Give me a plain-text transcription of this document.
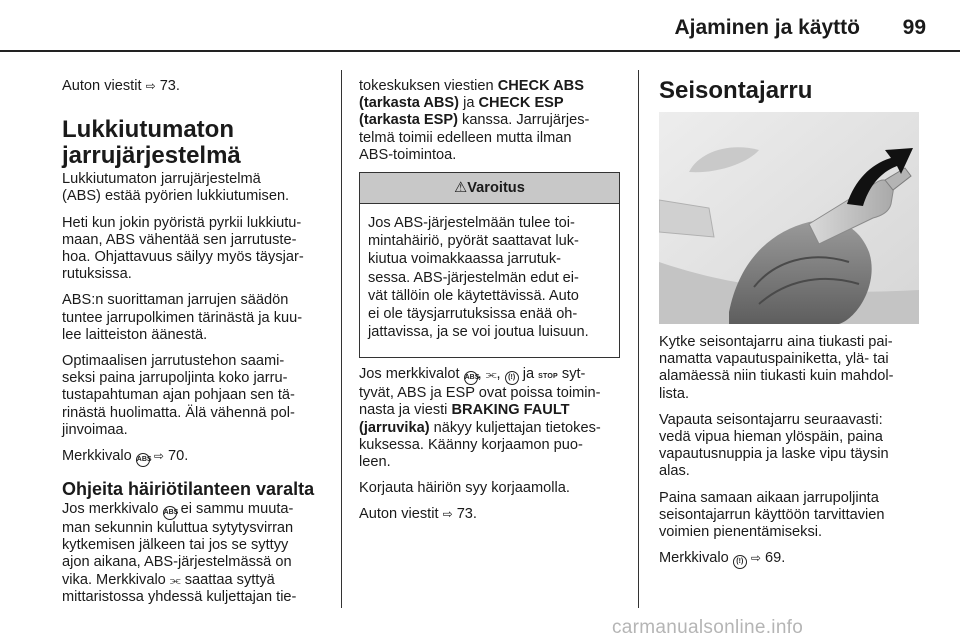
Ajaminen ja käyttö	99

Auton viestit ⇨ 73.

Lukkiutumaton
jarrujärjestelmä

Lukkiutumaton jarrujärjestelmä
(ABS) estää pyörien lukkiutumisen.

Heti kun jokin pyöristä pyrkii lukkiutu-
maan, ABS vähentää sen jarrutuste-
hoa. Ohjattavuus säilyy myös täysjar-
rutuksissa.

ABS:n suorittaman jarrujen säädön
tuntee jarrupolkimen tärinästä ja kuu-
lee laitteiston äänestä.

Optimaalisen jarrutustehon saami-
seksi paina jarrupoljinta koko jarru-
tustapahtuman ajan pohjaan sen tä-
rinästä huolimatta. Älä vähennä pol-
jinvoimaa.

Merkkivalo ABS ⇨ 70.

Ohjeita häiriötilanteen varalta

Jos merkkivalo ABS ei sammu muuta-
man sekunnin kuluttua sytytysvirran
kytkemisen jälkeen tai jos se syttyy
ajon aikana, ABS-järjestelmässä on
vika. Merkkivalo ⫘ saattaa syttyä
mittaristossa yhdessä kuljettajan tie-

tokeskuksen viestien CHECK ABS
(tarkasta ABS) ja CHECK ESP
(tarkasta ESP) kanssa. Jarrujärjes-
telmä toimii edelleen mutta ilman
ABS-toimintoa.

⚠Varoitus
Jos ABS-järjestelmään tulee toi-
mintahäiriö, pyörät saattavat luk-
kiutua voimakkaassa jarrutuk-
sessa. ABS-järjestelmän edut ei-
vät tällöin ole käytettävissä. Auto
ei ole täysjarrutuksissa enää oh-
jattavissa, ja se voi joutua luisuun.

Jos merkkivalot ABS, ⫘, (!) ja STOP syt-
tyvät, ABS ja ESP ovat poissa toimin-
nasta ja viesti BRAKING FAULT
(jarruvika) näkyy kuljettajan tietokes-
kuksessa. Käänny korjaamon puo-
leen.

Korjauta häiriön syy korjaamolla.

Auton viestit ⇨ 73.

Seisontajarru

Kytke seisontajarru aina tiukasti pai-
namatta vapautuspainiketta, ylä- tai
alamäessä niin tiukasti kuin mahdol-
lista.

Vapauta seisontajarru seuraavasti:
vedä vipua hieman ylöspäin, paina
vapautusnuppia ja laske vipu täysin
alas.

Paina samaan aikaan jarrupoljinta
seisontajarrun käyttöön tarvittavien
voimien pienentämiseksi.

Merkkivalo (!) ⇨ 69.

carmanualsonline.info
